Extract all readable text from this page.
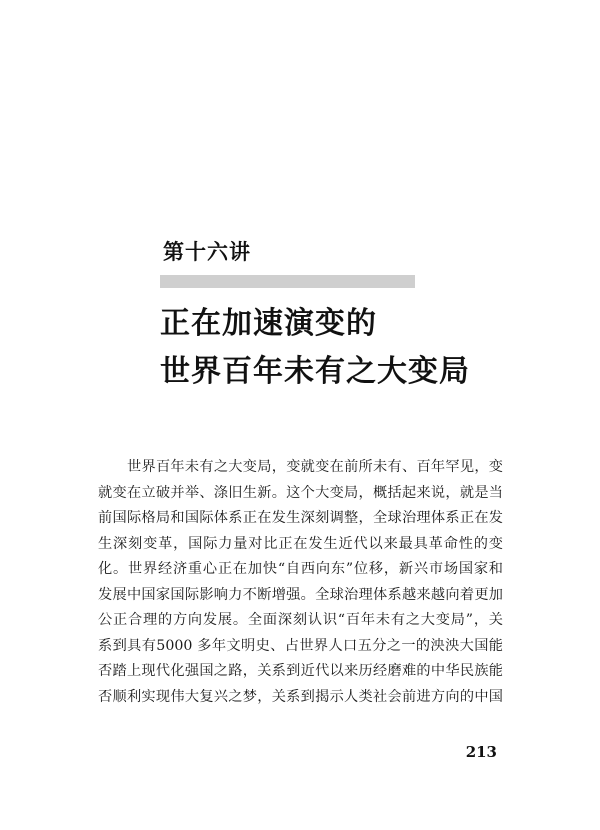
第十六讲
正在加速演变的
世界百年未有之大变局
世界百年未有之大变局，变就变在前所未有、百年罕见，变
就变在立破并举、涤旧生新。这个大变局，概括起来说，就是当
前国际格局和国际体系正在发生深刻调整，全球治理体系正在发
生深刻变革，国际力量对比正在发生近代以来最具革命性的变
化。世界经济重心正在加快“自西向东”位移，新兴市场国家和
发展中国家国际影响力不断增强。全球治理体系越来越向着更加
公正合理的方向发展。全面深刻认识“百年未有之大变局”，关
系到具有5000 多年文明史、占世界人口五分之一的泱泱大国能
否踏上现代化强国之路，关系到近代以来历经磨难的中华民族能
否顺利实现伟大复兴之梦，关系到揭示人类社会前进方向的中国
213
